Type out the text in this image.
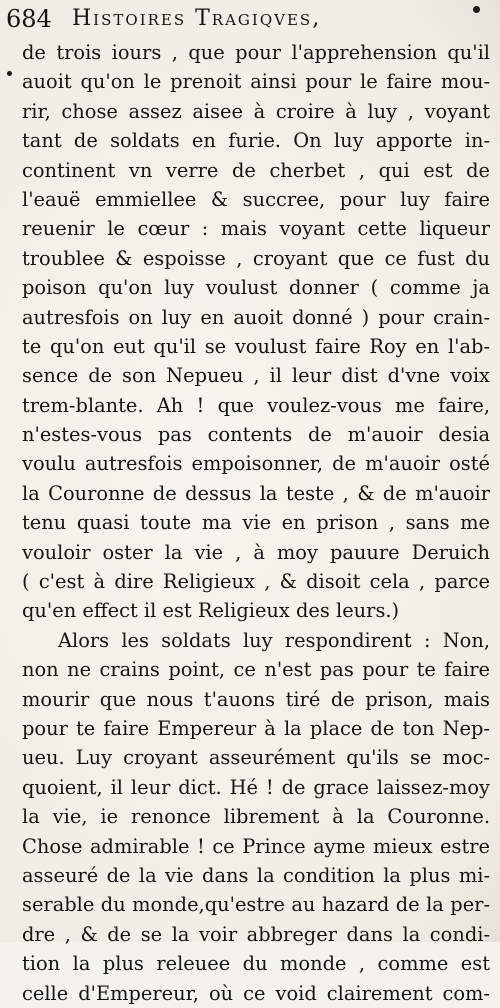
684 Histoires Tragiqves,
de trois iours , que pour l'apprehension qu'il
auoit qu'on le prenoit ainsi pour le faire mou-
rir, chose assez aisee à croire à luy , voyant
tant de soldats en furie. On luy apporte in-
continent vn verre de cherbet , qui est de
l'eauë emmiellee & succree, pour luy faire
reuenir le cœur : mais voyant cette liqueur
troublee & espoisse , croyant que ce fust du
poison qu'on luy voulust donner ( comme ja
autresfois on luy en auoit donné ) pour crain-
te qu'on eut qu'il se voulust faire Roy en l'ab-
sence de son Nepueu , il leur dist d'vne voix
trem-blante. Ah ! que voulez-vous me faire,
n'estes-vous pas contents de m'auoir desia
voulu autresfois empoisonner, de m'auoir osté
la Couronne de dessus la teste , & de m'auoir
tenu quasi toute ma vie en prison , sans me
vouloir oster la vie , à moy pauure Deruich
( c'est à dire Religieux , & disoit cela , parce
qu'en effect il est Religieux des leurs.)
Alors les soldats luy respondirent : Non,
non ne crains point, ce n'est pas pour te faire
mourir que nous t'auons tiré de prison, mais
pour te faire Empereur à la place de ton Nep-
ueu. Luy croyant asseurément qu'ils se moc-
quoient, il leur dict. Hé ! de grace laissez-moy
la vie, ie renonce librement à la Couronne.
Chose admirable ! ce Prince ayme mieux estre
asseuré de la vie dans la condition la plus mi-
serable du monde,qu'estre au hazard de la per-
dre , & de se la voir abbreger dans la condi-
tion la plus releuee du monde , comme est
celle d'Empereur, où ce void clairement com-
